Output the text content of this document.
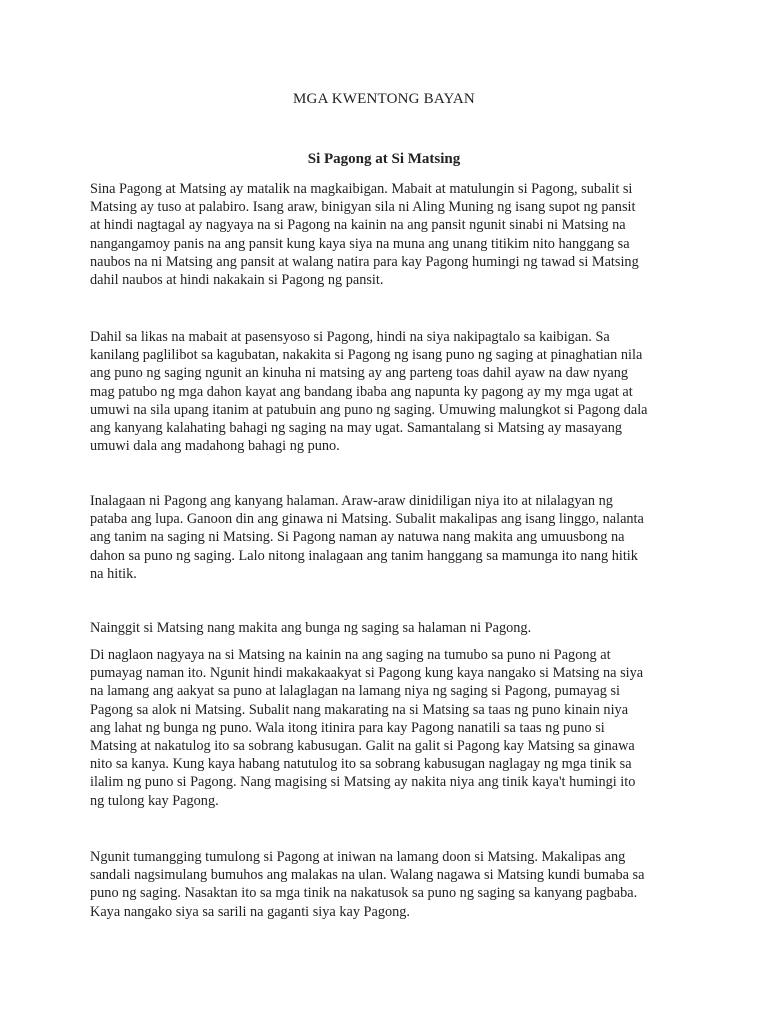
MGA KWENTONG BAYAN
Si Pagong at Si Matsing

Sina Pagong at Matsing ay matalik na magkaibigan. Mabait at matulungin si Pagong, subalit si
Matsing ay tuso at palabiro. Isang araw, binigyan sila ni Aling Muning ng isang supot ng pansit
at hindi nagtagal ay nagyaya na si Pagong na kainin na ang pansit ngunit sinabi ni Matsing na
nangangamoy panis na ang pansit kung kaya siya na muna ang unang titikim nito hanggang sa
naubos na ni Matsing ang pansit at walang natira para kay Pagong humingi ng tawad si Matsing
dahil naubos at hindi nakakain si Pagong ng pansit.

Dahil sa likas na mabait at pasensyoso si Pagong, hindi na siya nakipagtalo sa kaibigan. Sa
kanilang paglilibot sa kagubatan, nakakita si Pagong ng isang puno ng saging at pinaghatian nila
ang puno ng saging ngunit an kinuha ni matsing ay ang parteng toas dahil ayaw na daw nyang
mag patubo ng mga dahon kayat ang bandang ibaba ang napunta ky pagong ay my mga ugat at
umuwi na sila upang itanim at patubuin ang puno ng saging. Umuwing malungkot si Pagong dala
ang kanyang kalahating bahagi ng saging na may ugat. Samantalang si Matsing ay masayang
umuwi dala ang madahong bahagi ng puno.

Inalagaan ni Pagong ang kanyang halaman. Araw-araw dinidiligan niya ito at nilalagyan ng
pataba ang lupa. Ganoon din ang ginawa ni Matsing. Subalit makalipas ang isang linggo, nalanta
ang tanim na saging ni Matsing. Si Pagong naman ay natuwa nang makita ang umuusbong na
dahon sa puno ng saging. Lalo nitong inalagaan ang tanim hanggang sa mamunga ito nang hitik
na hitik.

Nainggit si Matsing nang makita ang bunga ng saging sa halaman ni Pagong.

Di naglaon nagyaya na si Matsing na kainin na ang saging na tumubo sa puno ni Pagong at
pumayag naman ito. Ngunit hindi makakaakyat si Pagong kung kaya nangako si Matsing na siya
na lamang ang aakyat sa puno at lalaglagan na lamang niya ng saging si Pagong, pumayag si
Pagong sa alok ni Matsing. Subalit nang makarating na si Matsing sa taas ng puno kinain niya
ang lahat ng bunga ng puno. Wala itong itinira para kay Pagong nanatili sa taas ng puno si
Matsing at nakatulog ito sa sobrang kabusugan. Galit na galit si Pagong kay Matsing sa ginawa
nito sa kanya. Kung kaya habang natutulog ito sa sobrang kabusugan naglagay ng mga tinik sa
ilalim ng puno si Pagong. Nang magising si Matsing ay nakita niya ang tinik kaya't humingi ito
ng tulong kay Pagong.

Ngunit tumangging tumulong si Pagong at iniwan na lamang doon si Matsing. Makalipas ang
sandali nagsimulang bumuhos ang malakas na ulan. Walang nagawa si Matsing kundi bumaba sa
puno ng saging. Nasaktan ito sa mga tinik na nakatusok sa puno ng saging sa kanyang pagbaba.
Kaya nangako siya sa sarili na gaganti siya kay Pagong.
